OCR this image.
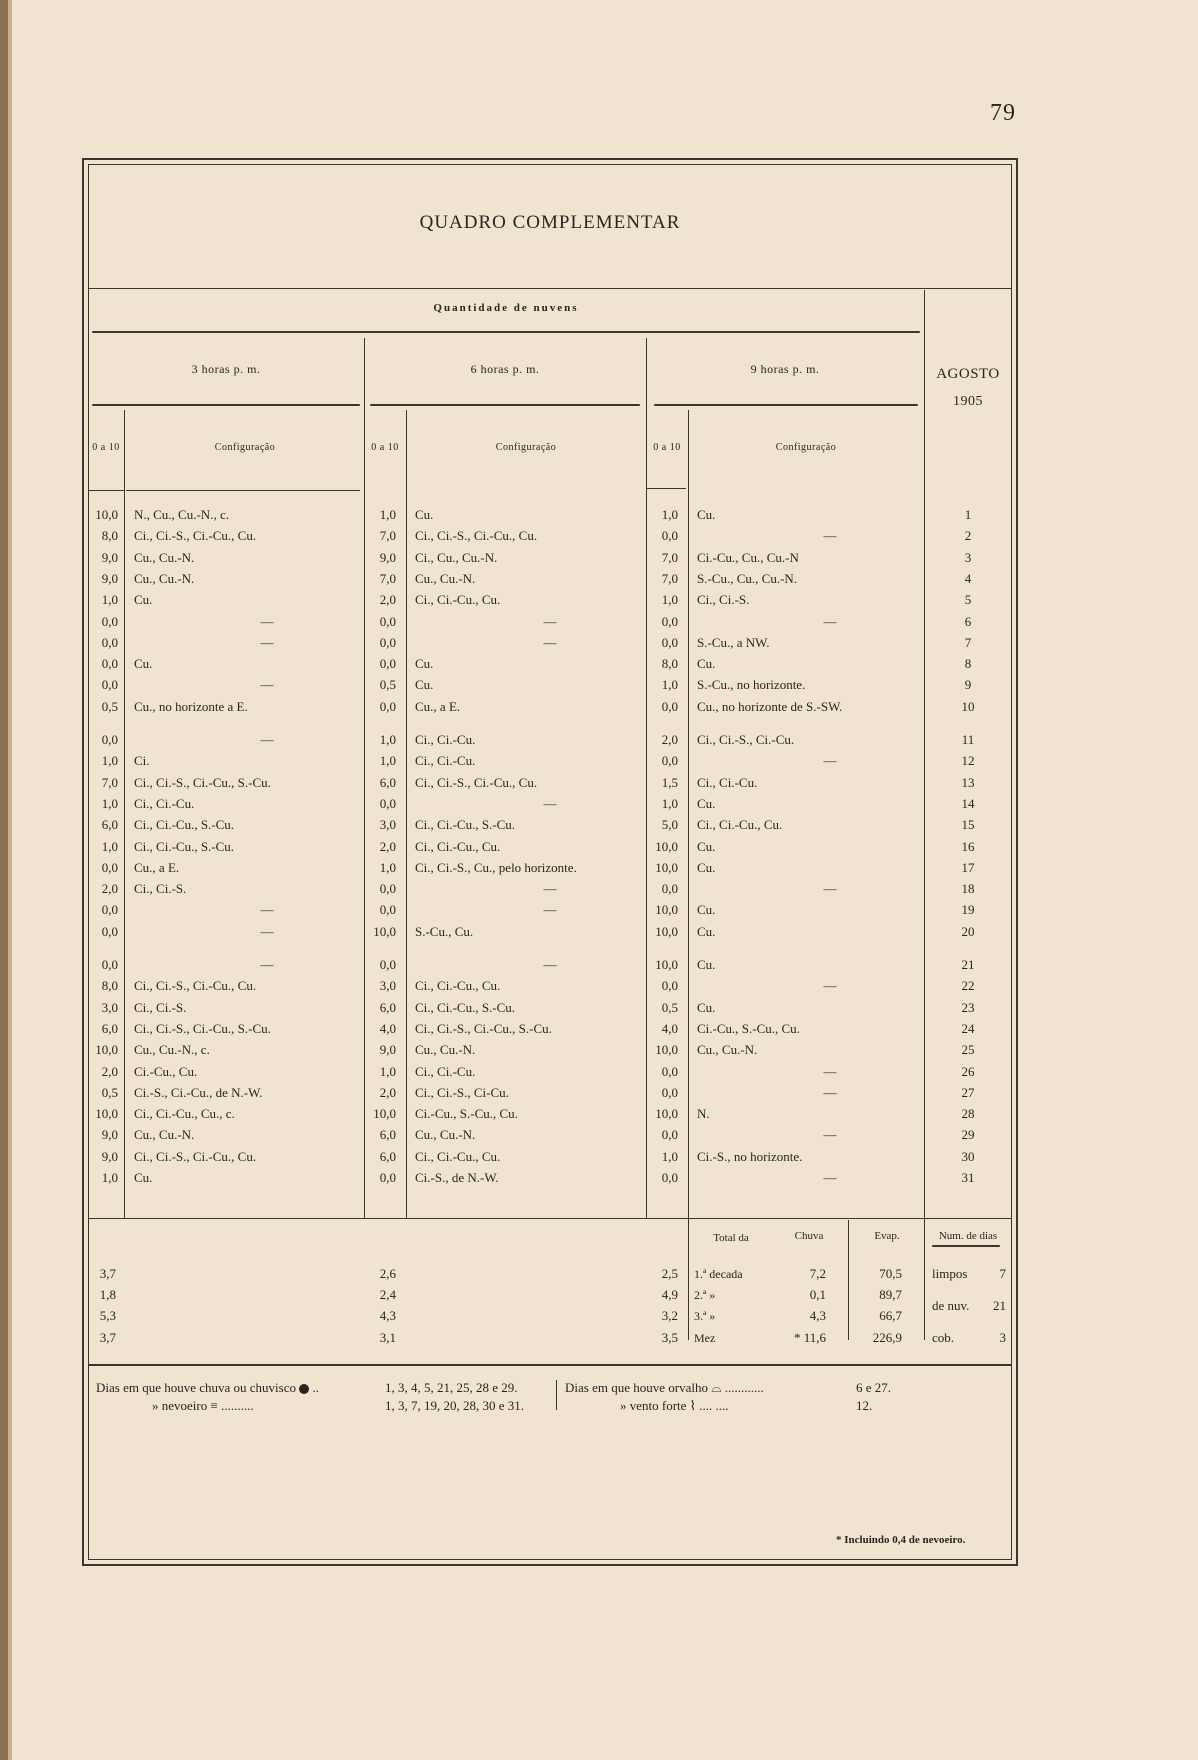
79
QUADRO COMPLEMENTAR
Quantidade de nuvens
3 horas p. m.	6 horas p. m.	9 horas p. m.	AGOSTO
1905
0 a 10	Configuração	0 a 10	Configuração	0 a 10	Configuração
10,0 N., Cu., Cu.-N., c.	1,0 Cu.	1,0 Cu.	1
8,0 Ci., Ci.-S., Ci.-Cu., Cu.	7,0 Ci., Ci.-S., Ci.-Cu., Cu.	0,0	—	2
9,0 Cu., Cu.-N.	9,0 Ci., Cu., Cu.-N.	7,0 Ci.-Cu., Cu., Cu.-N	3
9,0 Cu., Cu.-N.	7,0 Cu., Cu.-N.	7,0 S.-Cu., Cu., Cu.-N.	4
1,0 Cu.	2,0 Ci., Ci.-Cu., Cu.	1,0 Ci., Ci.-S.	5
0,0	—	0,0	—	0,0	—	6
0,0	—	0,0	—	0,0 S.-Cu., a NW.	7
0,0 Cu.	0,0 Cu.	8,0 Cu.	8
0,0	—	0,5 Cu.	1,0 S.-Cu., no horizonte.	9
0,5 Cu., no horizonte a E.	0,0 Cu., a E.	0,0 Cu., no horizonte de S.-SW.	10
0,0	—	1,0 Ci., Ci.-Cu.	2,0 Ci., Ci.-S., Ci.-Cu.	11
1,0 Ci.	1,0 Ci., Ci.-Cu.	0,0	—	12
7,0 Ci., Ci.-S., Ci.-Cu., S.-Cu.	6,0 Ci., Ci.-S., Ci.-Cu., Cu.	1,5 Ci., Ci.-Cu.	13
1,0 Ci., Ci.-Cu.	0,0	—	1,0 Cu.	14
6,0 Ci., Ci.-Cu., S.-Cu.	3,0 Ci., Ci.-Cu., S.-Cu.	5,0 Ci., Ci.-Cu., Cu.	15
1,0 Ci., Ci.-Cu., S.-Cu.	2,0 Ci., Ci.-Cu., Cu.	10,0 Cu.	16
0,0 Cu., a E.	1,0 Ci., Ci.-S., Cu., pelo horizonte.	10,0 Cu.	17
2,0 Ci., Ci.-S.	0,0	—	0,0	—	18
0,0	—	0,0	—	10,0 Cu.	19
0,0	—	10,0 S.-Cu., Cu.	10,0 Cu.	20
0,0	—	0,0	—	10,0 Cu.	21
8,0 Ci., Ci.-S., Ci.-Cu., Cu.	3,0 Ci., Ci.-Cu., Cu.	0,0	—	22
3,0 Ci., Ci.-S.	6,0 Ci., Ci.-Cu., S.-Cu.	0,5 Cu.	23
6,0 Ci., Ci.-S., Ci.-Cu., S.-Cu.	4,0 Ci., Ci.-S., Ci.-Cu., S.-Cu.	4,0 Ci.-Cu., S.-Cu., Cu.	24
10,0 Cu., Cu.-N., c.	9,0 Cu., Cu.-N.	10,0 Cu., Cu.-N.	25
2,0 Ci.-Cu., Cu.	1,0 Ci., Ci.-Cu.	0,0	—	26
0,5 Ci.-S., Ci.-Cu., de N.-W.	2,0 Ci., Ci.-S., Ci-Cu.	0,0	—	27
10,0 Ci., Ci.-Cu., Cu., c.	10,0 Ci.-Cu., S.-Cu., Cu.	10,0 N.	28
9,0 Cu., Cu.-N.	6,0 Cu., Cu.-N.	0,0	—	29
9,0 Ci., Ci.-S., Ci.-Cu., Cu.	6,0 Ci., Ci.-Cu., Cu.	1,0 Ci.-S., no horizonte.	30
1,0 Cu.	0,0 Ci.-S., de N.-W.	0,0	—	31
3,7	2,6	2,5 1.ª decada	7,2	70,5
1,8	2,4	4,9 2.ª »	0,1	89,7
5,3	4,3	3,2 3.ª »	4,3	66,7
3,7	3,1	3,5 Mez	* 11,6	226,9
Total da	Chuva	Evap.	Num. de dias
limpos	7
de nuv.	21
cob.	3
Dias em que houve chuva ou chuvisco  ..	1, 3, 4, 5, 21, 25, 28 e 29.
» nevoeiro ≡ ..........	1, 3, 7, 19, 20, 28, 30 e 31.
Dias em que houve orvalho ⌓ ............	6 e 27.
» vento forte ⌇ .... ....	12.
* Incluindo 0,4 de nevoeiro.
